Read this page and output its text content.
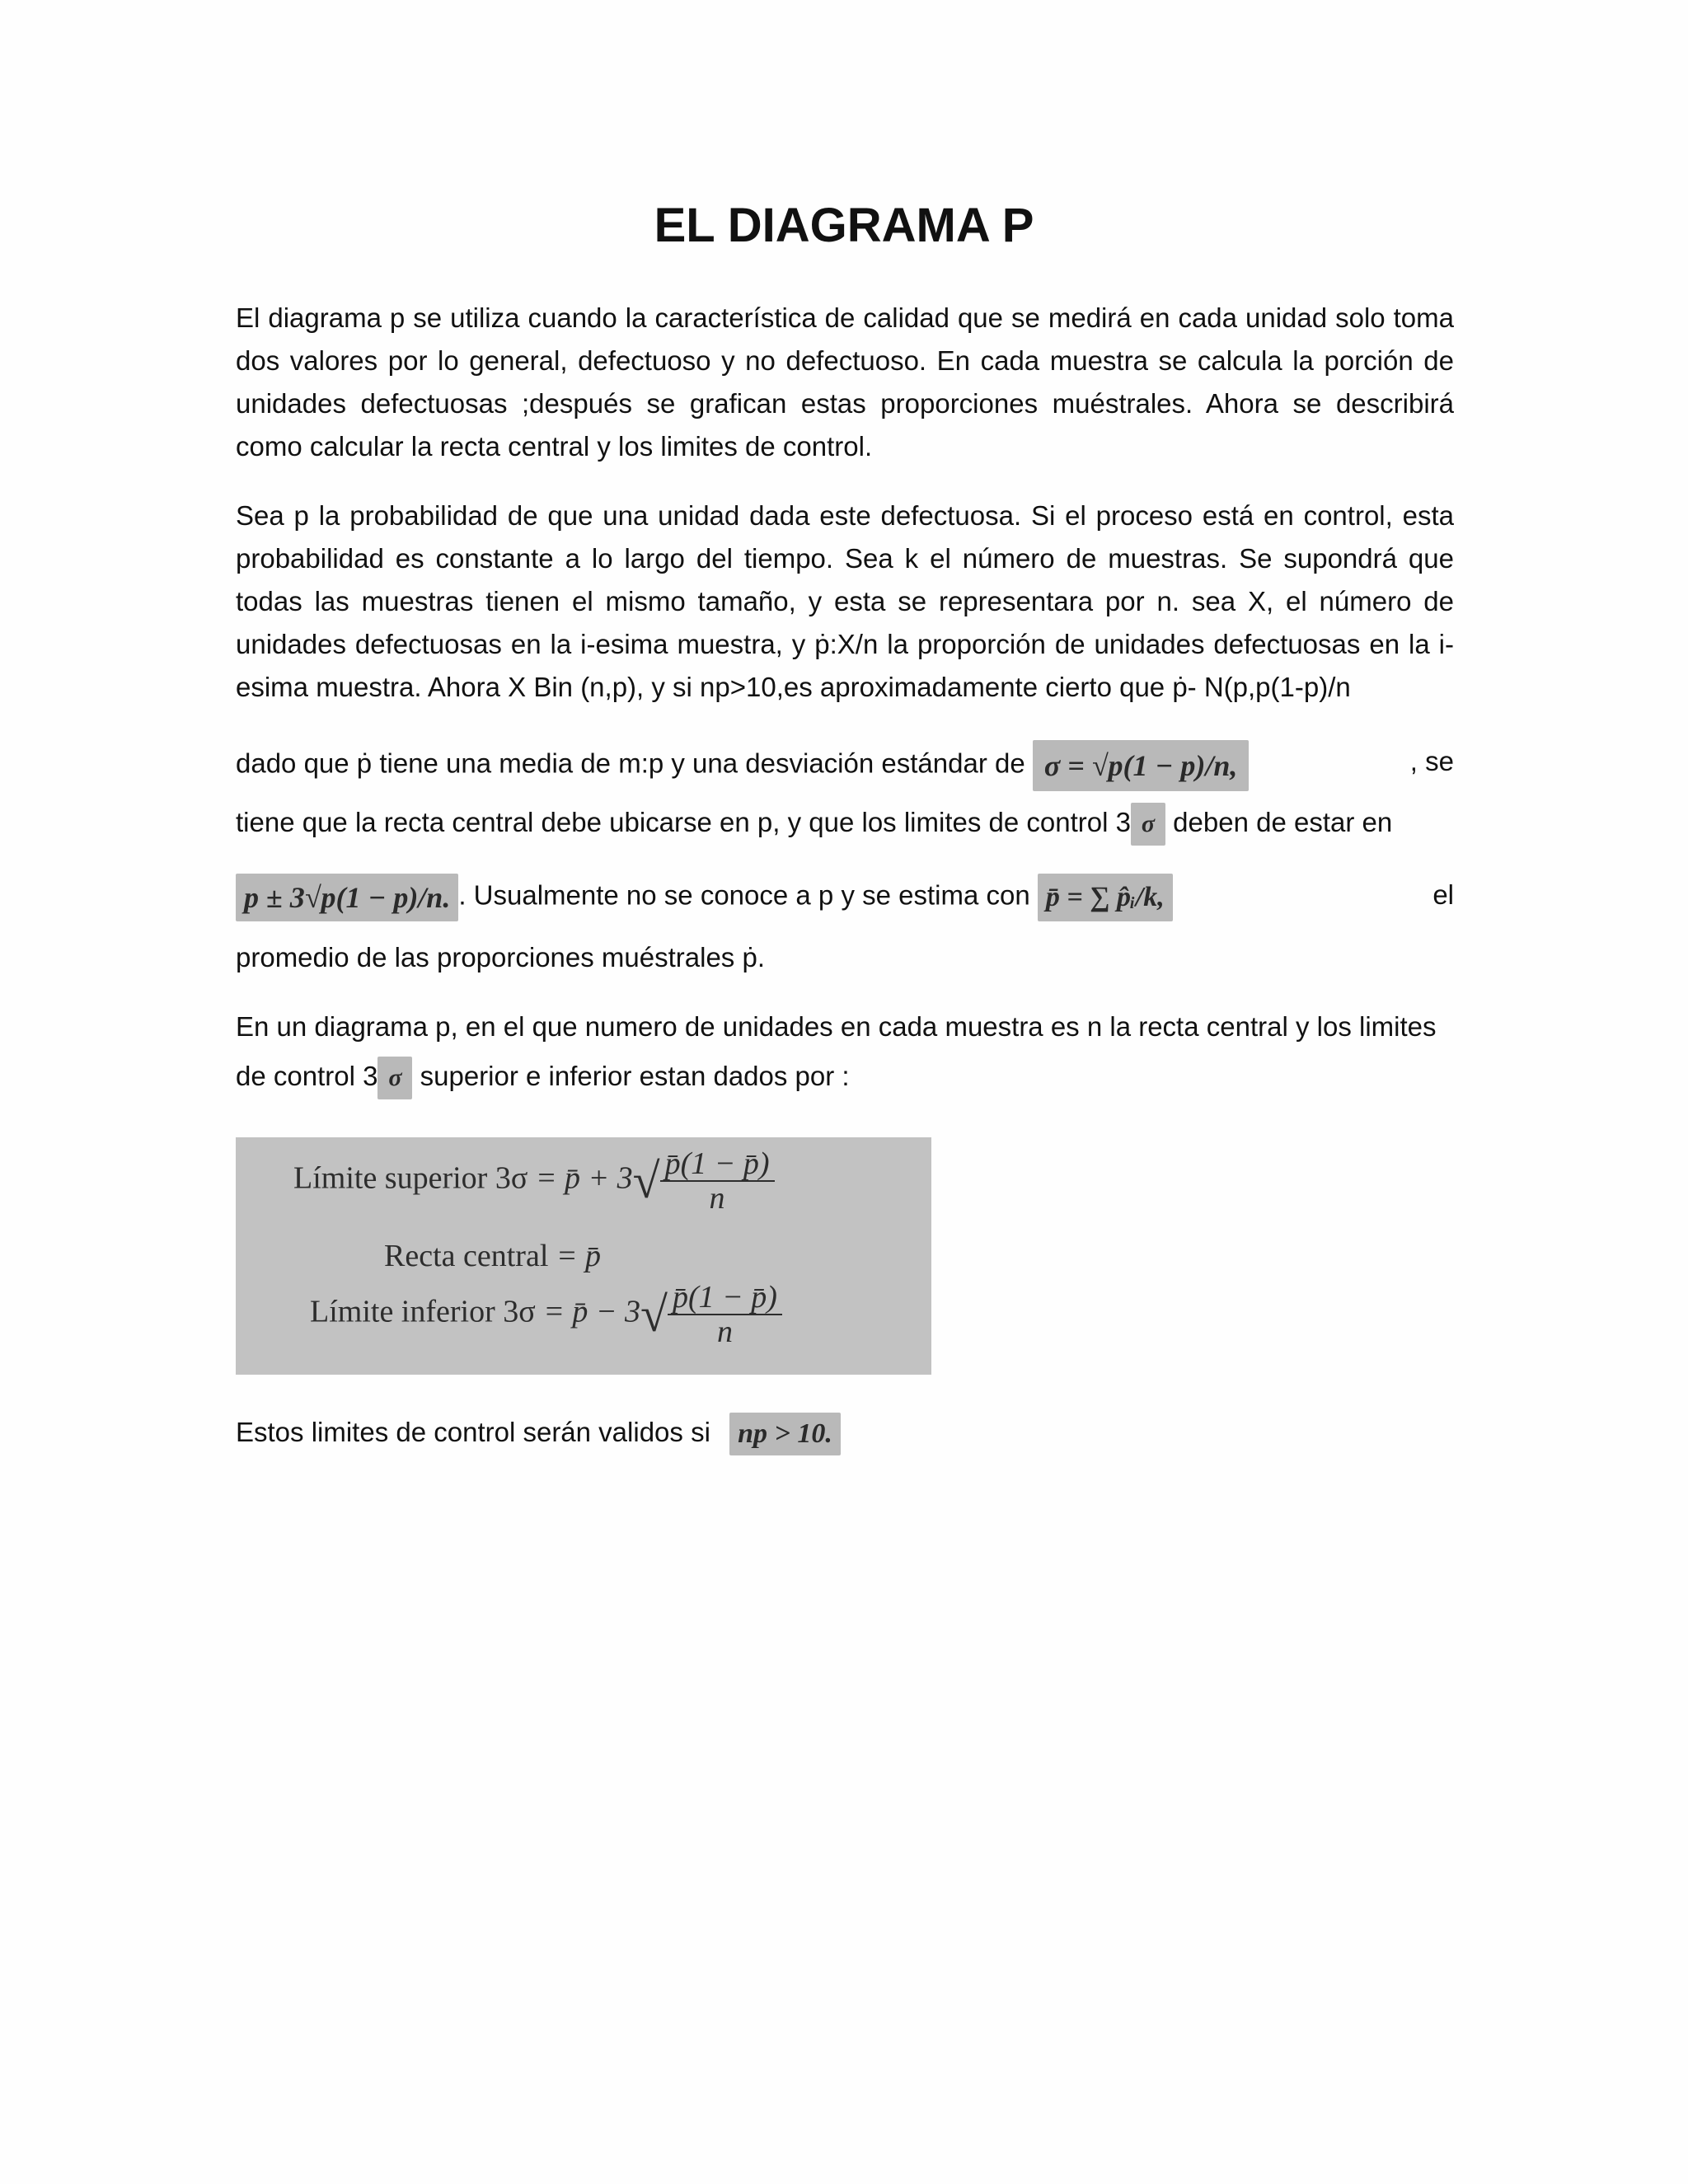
EL DIAGRAMA P

El diagrama p se utiliza cuando la característica de calidad que se medirá en cada unidad solo toma dos valores por lo general, defectuoso y no defectuoso. En cada muestra se calcula la porción de unidades defectuosas ;después se grafican estas proporciones muéstrales. Ahora se describirá como calcular la recta central y los limites de control.

Sea p la probabilidad de que una unidad dada este defectuosa. Si el proceso está en control, esta probabilidad es constante a lo largo del tiempo. Sea k el número de muestras. Se supondrá que todas las muestras tienen el mismo tamaño, y esta se representara por n. sea X, el número de unidades defectuosas en la i-esima muestra, y ṗ:X/n la proporción de unidades defectuosas en la i-esima muestra. Ahora X Bin (n,p), y si np>10,es aproximadamente cierto que ṗ- N(p,p(1-p)/n

dado que ṗ tiene una media de m:p y una desviación estándar de σ = √p(1 − p)/n,	, se
tiene que la recta central debe ubicarse en p, y que los limites de control 3 σ deben de estar en
p ± 3√p(1 − p)/n. . Usualmente no se conoce a p y se estima con p̄ = ∑ p̂ᵢ/k,	el
promedio de las proporciones muéstrales ṗ.
En un diagrama p, en el que numero de unidades en cada muestra es n la recta central y los limites
de control 3 σ superior e inferior estan dados por :
Límite superior 3σ = p̄ + $3√ \frac{p̄(1 - p̄)}{n}$
Recta central = p̄
Límite inferior 3σ = p̄ − $3√ \frac{p̄(1 - p̄)}{n}$
Estos limites de control serán validos si np > 10.
